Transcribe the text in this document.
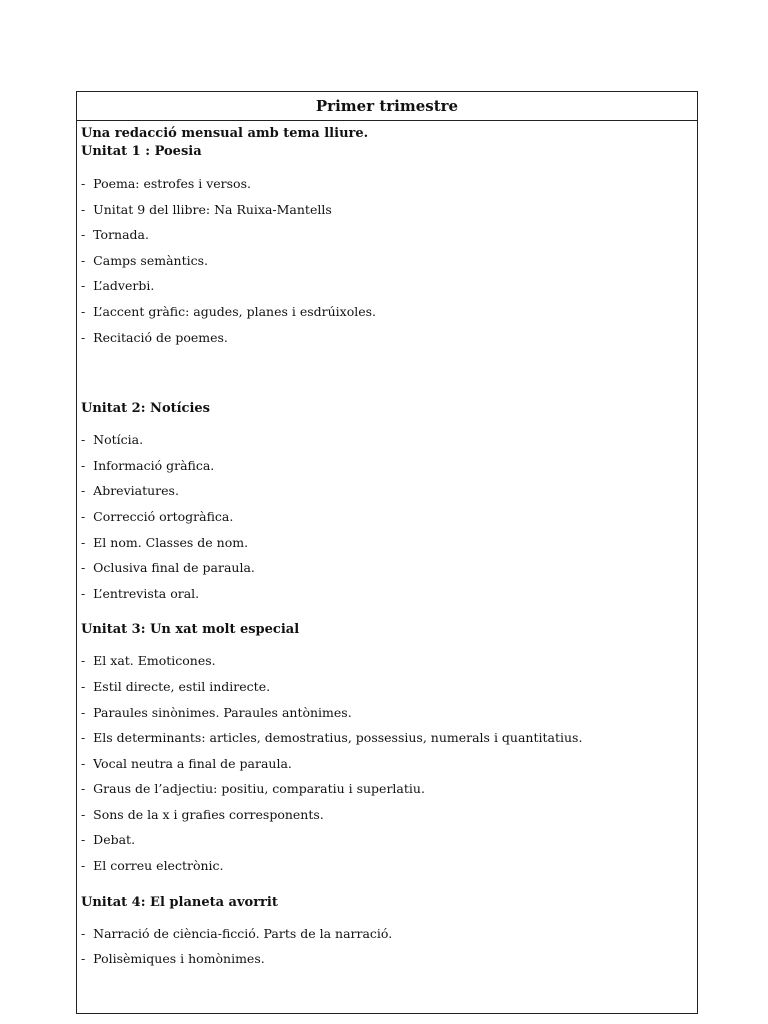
Primer trimestre
Una redacció mensual amb tema lliure.
Unitat 1 : Poesia
- Poema: estrofes i versos.
- Unitat 9 del llibre: Na Ruixa-Mantells
- Tornada.
- Camps semàntics.
- L’adverbi.
- L’accent gràfic: agudes, planes i esdrúixoles.
- Recitació de poemes.
Unitat 2: Notícies
- Notícia.
- Informació gràfica.
- Abreviatures.
- Correcció ortogràfica.
- El nom. Classes de nom.
- Oclusiva final de paraula.
- L’entrevista oral.
Unitat 3: Un xat molt especial
- El xat. Emoticones.
- Estil directe, estil indirecte.
- Paraules sinònimes. Paraules antònimes.
- Els determinants: articles, demostratius, possessius, numerals i quantitatius.
- Vocal neutra a final de paraula.
- Graus de l’adjectiu: positiu, comparatiu i superlatiu.
- Sons de la x i grafies corresponents.
- Debat.
- El correu electrònic.
Unitat 4: El planeta avorrit
- Narració de ciència-ficció. Parts de la narració.
- Polisèmiques i homònimes.
